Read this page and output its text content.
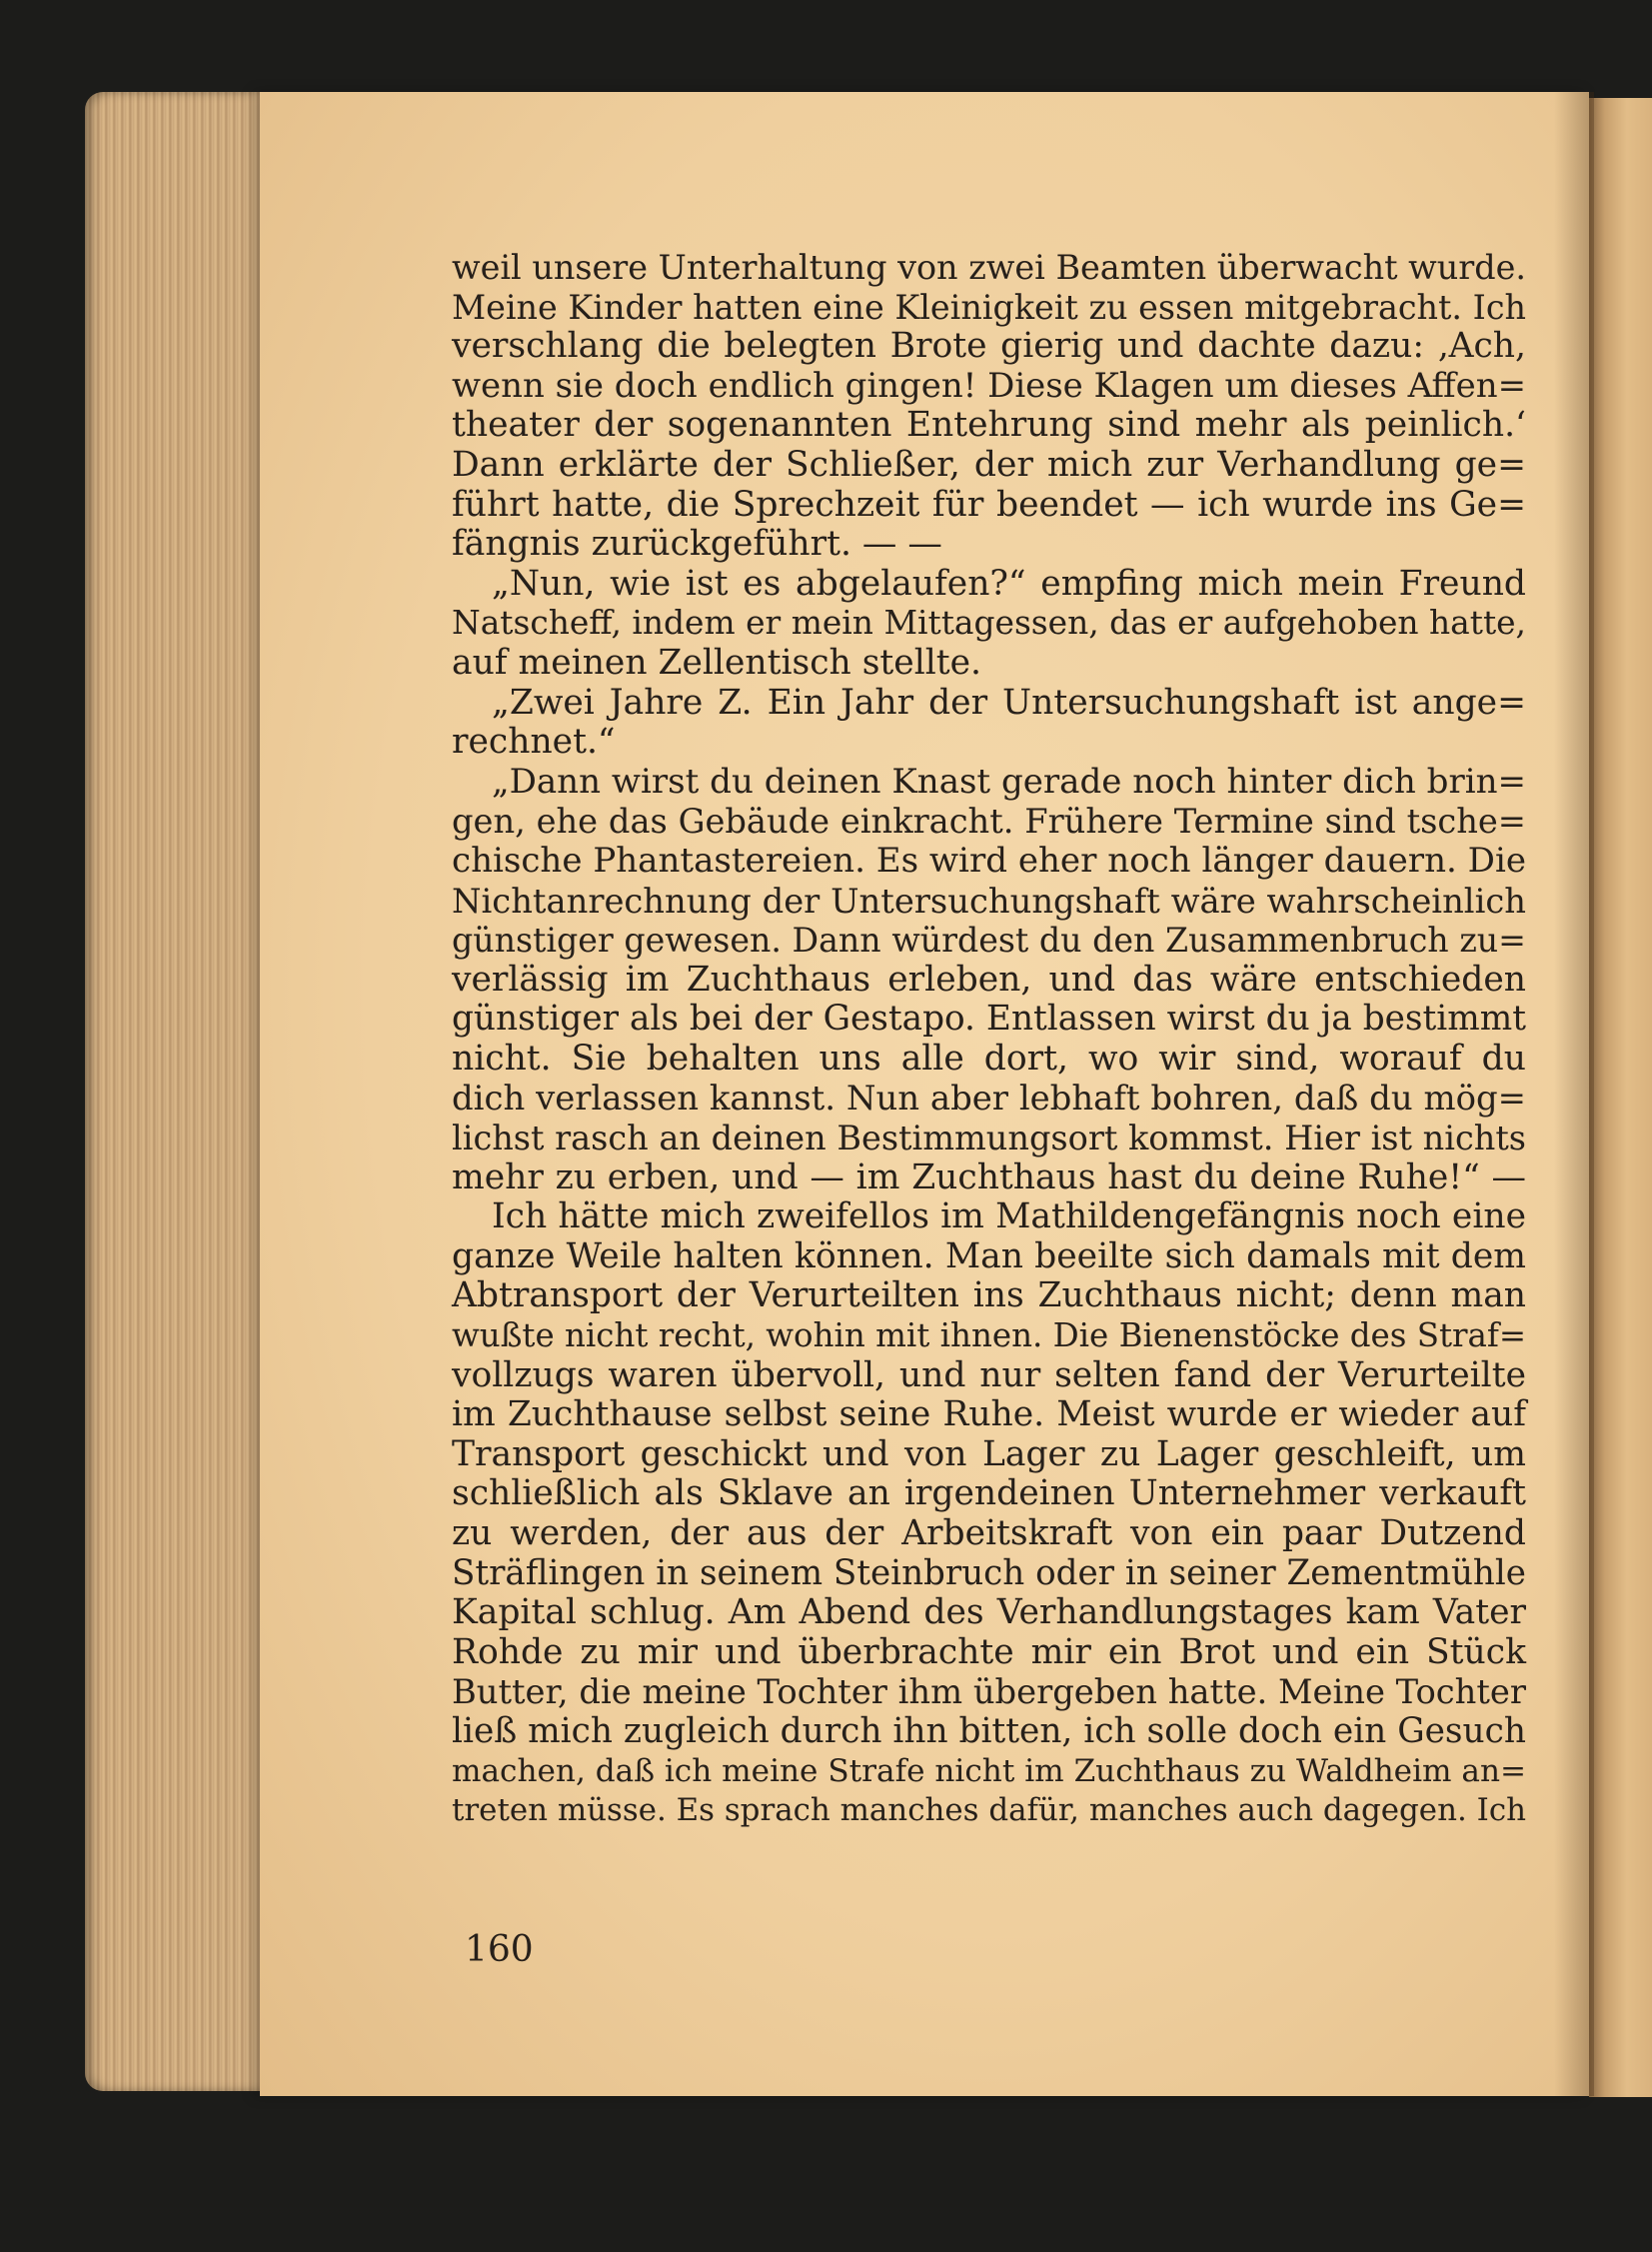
weil unsere Unterhaltung von zwei Beamten überwacht wurde.
Meine Kinder hatten eine Kleinigkeit zu essen mitgebracht. Ich
verschlang die belegten Brote gierig und dachte dazu: ‚Ach,
wenn sie doch endlich gingen! Diese Klagen um dieses Affen=
theater der sogenannten Entehrung sind mehr als peinlich.‘
Dann erklärte der Schließer, der mich zur Verhandlung ge=
führt hatte, die Sprechzeit für beendet — ich wurde ins Ge=
fängnis zurückgeführt. — —
„Nun, wie ist es abgelaufen?“ empfing mich mein Freund
Natscheff, indem er mein Mittagessen, das er aufgehoben hatte,
auf meinen Zellentisch stellte.
„Zwei Jahre Z. Ein Jahr der Untersuchungshaft ist ange=
rechnet.“
„Dann wirst du deinen Knast gerade noch hinter dich brin=
gen, ehe das Gebäude einkracht. Frühere Termine sind tsche=
chische Phantastereien. Es wird eher noch länger dauern. Die
Nichtanrechnung der Untersuchungshaft wäre wahrscheinlich
günstiger gewesen. Dann würdest du den Zusammenbruch zu=
verlässig im Zuchthaus erleben, und das wäre entschieden
günstiger als bei der Gestapo. Entlassen wirst du ja bestimmt
nicht. Sie behalten uns alle dort, wo wir sind, worauf du
dich verlassen kannst. Nun aber lebhaft bohren, daß du mög=
lichst rasch an deinen Bestimmungsort kommst. Hier ist nichts
mehr zu erben, und — im Zuchthaus hast du deine Ruhe!“ —
Ich hätte mich zweifellos im Mathildengefängnis noch eine
ganze Weile halten können. Man beeilte sich damals mit dem
Abtransport der Verurteilten ins Zuchthaus nicht; denn man
wußte nicht recht, wohin mit ihnen. Die Bienenstöcke des Straf=
vollzugs waren übervoll, und nur selten fand der Verurteilte
im Zuchthause selbst seine Ruhe. Meist wurde er wieder auf
Transport geschickt und von Lager zu Lager geschleift, um
schließlich als Sklave an irgendeinen Unternehmer verkauft
zu werden, der aus der Arbeitskraft von ein paar Dutzend
Sträflingen in seinem Steinbruch oder in seiner Zementmühle
Kapital schlug. Am Abend des Verhandlungstages kam Vater
Rohde zu mir und überbrachte mir ein Brot und ein Stück
Butter, die meine Tochter ihm übergeben hatte. Meine Tochter
ließ mich zugleich durch ihn bitten, ich solle doch ein Gesuch
machen, daß ich meine Strafe nicht im Zuchthaus zu Waldheim an=
treten müsse. Es sprach manches dafür, manches auch dagegen. Ich
160
